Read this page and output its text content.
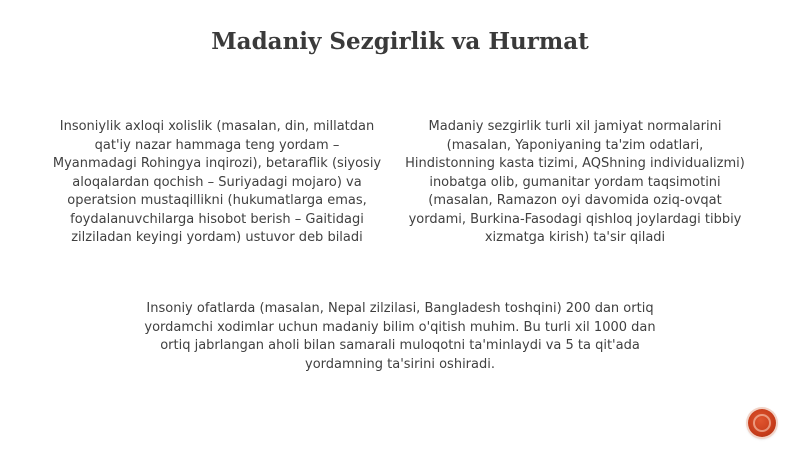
Madaniy Sezgirlik va Hurmat

Insoniylik axloqi xolislik (masalan, din, millatdan qat'iy nazar hammaga teng yordam – Myanmadagi Rohingya inqirozi), betaraflik (siyosiy aloqalardan qochish – Suriyadagi mojaro) va operatsion mustaqillikni (hukumatlarga emas, foydalanuvchilarga hisobot berish – Gaitidagi zilziladan keyingi yordam) ustuvor deb biladi

Madaniy sezgirlik turli xil jamiyat normalarini (masalan, Yaponiyaning ta'zim odatlari, Hindistonning kasta tizimi, AQShning individualizmi) inobatga olib, gumanitar yordam taqsimotini (masalan, Ramazon oyi davomida oziq-ovqat yordami, Burkina-Fasodagi qishloq joylardagi tibbiy xizmatga kirish) ta'sir qiladi

Insoniy ofatlarda (masalan, Nepal zilzilasi, Bangladesh toshqini) 200 dan ortiq yordamchi xodimlar uchun madaniy bilim o'qitish muhim. Bu turli xil 1000 dan ortiq jabrlangan aholi bilan samarali muloqotni ta'minlaydi va 5 ta qit'ada yordamning ta'sirini oshiradi.
